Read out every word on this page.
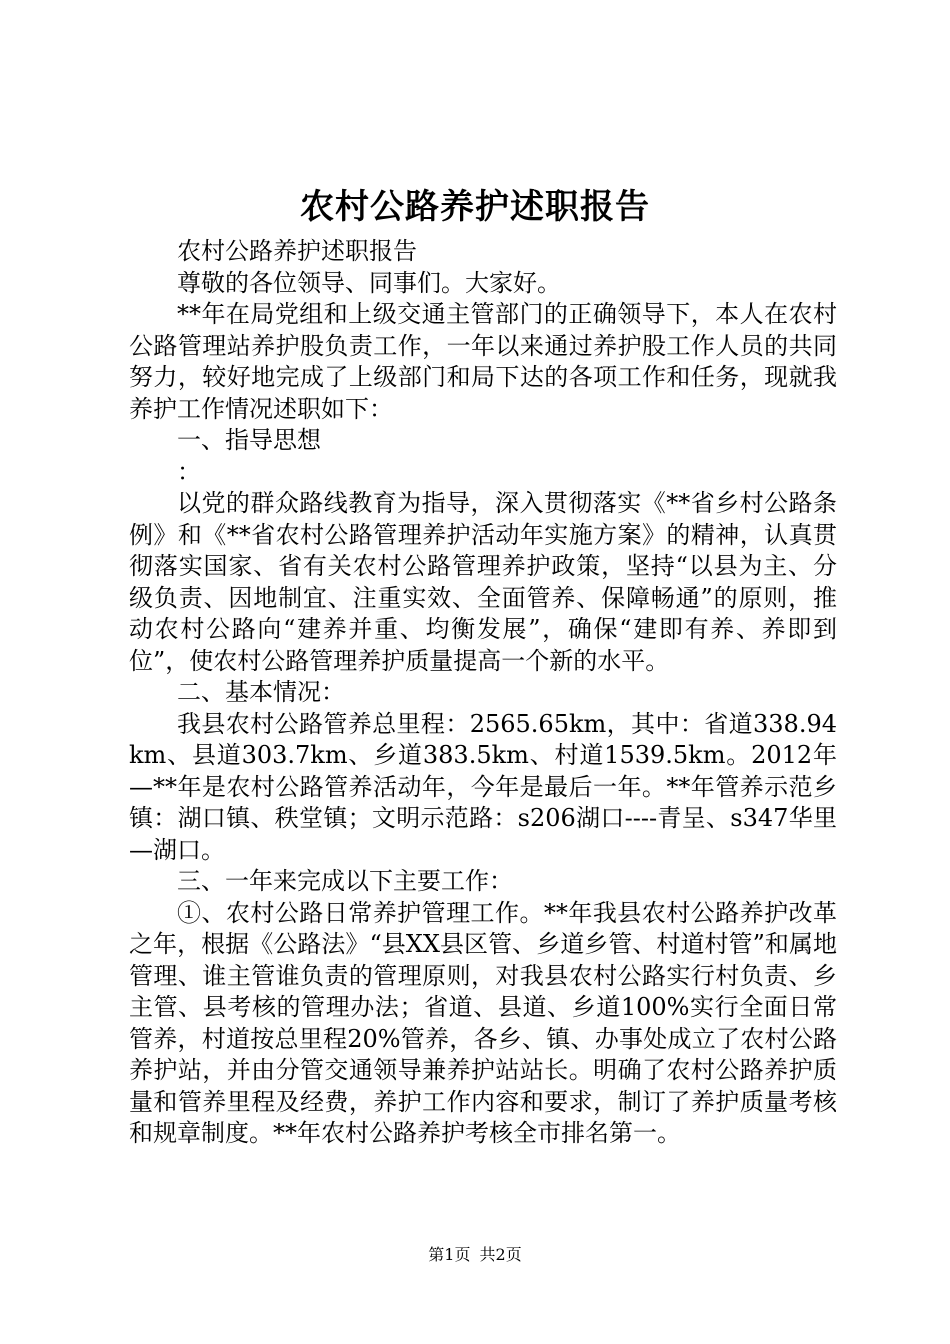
农村公路养护述职报告

农村公路养护述职报告

尊敬的各位领导、同事们。大家好。

**年在局党组和上级交通主管部门的正确领导下，本人在农村公路管理站养护股负责工作，一年以来通过养护股工作人员的共同努力，较好地完成了上级部门和局下达的各项工作和任务，现就我养护工作情况述职如下：

一、指导思想

：

以党的群众路线教育为指导，深入贯彻落实《**省乡村公路条例》和《**省农村公路管理养护活动年实施方案》的精神，认真贯彻落实国家、省有关农村公路管理养护政策，坚持“以县为主、分级负责、因地制宜、注重实效、全面管养、保障畅通”的原则，推动农村公路向“建养并重、均衡发展”，确保“建即有养、养即到位”，使农村公路管理养护质量提高一个新的水平。

二、基本情况：

我县农村公路管养总里程：2565.65km，其中：省道338.94km、县道303.7km、乡道383.5km、村道1539.5km。2012年—**年是农村公路管养活动年，今年是最后一年。**年管养示范乡镇：湖口镇、秩堂镇；文明示范路：s206湖口----青呈、s347华里—湖口。

三、一年来完成以下主要工作：

①、农村公路日常养护管理工作。**年我县农村公路养护改革之年，根据《公路法》“县XX县区管、乡道乡管、村道村管”和属地管理、谁主管谁负责的管理原则，对我县农村公路实行村负责、乡主管、县考核的管理办法；省道、县道、乡道100%实行全面日常管养，村道按总里程20%管养，各乡、镇、办事处成立了农村公路养护站，并由分管交通领导兼养护站站长。明确了农村公路养护质量和管养里程及经费，养护工作内容和要求，制订了养护质量考核和规章制度。**年农村公路养护考核全市排名第一。

第1页 共2页
